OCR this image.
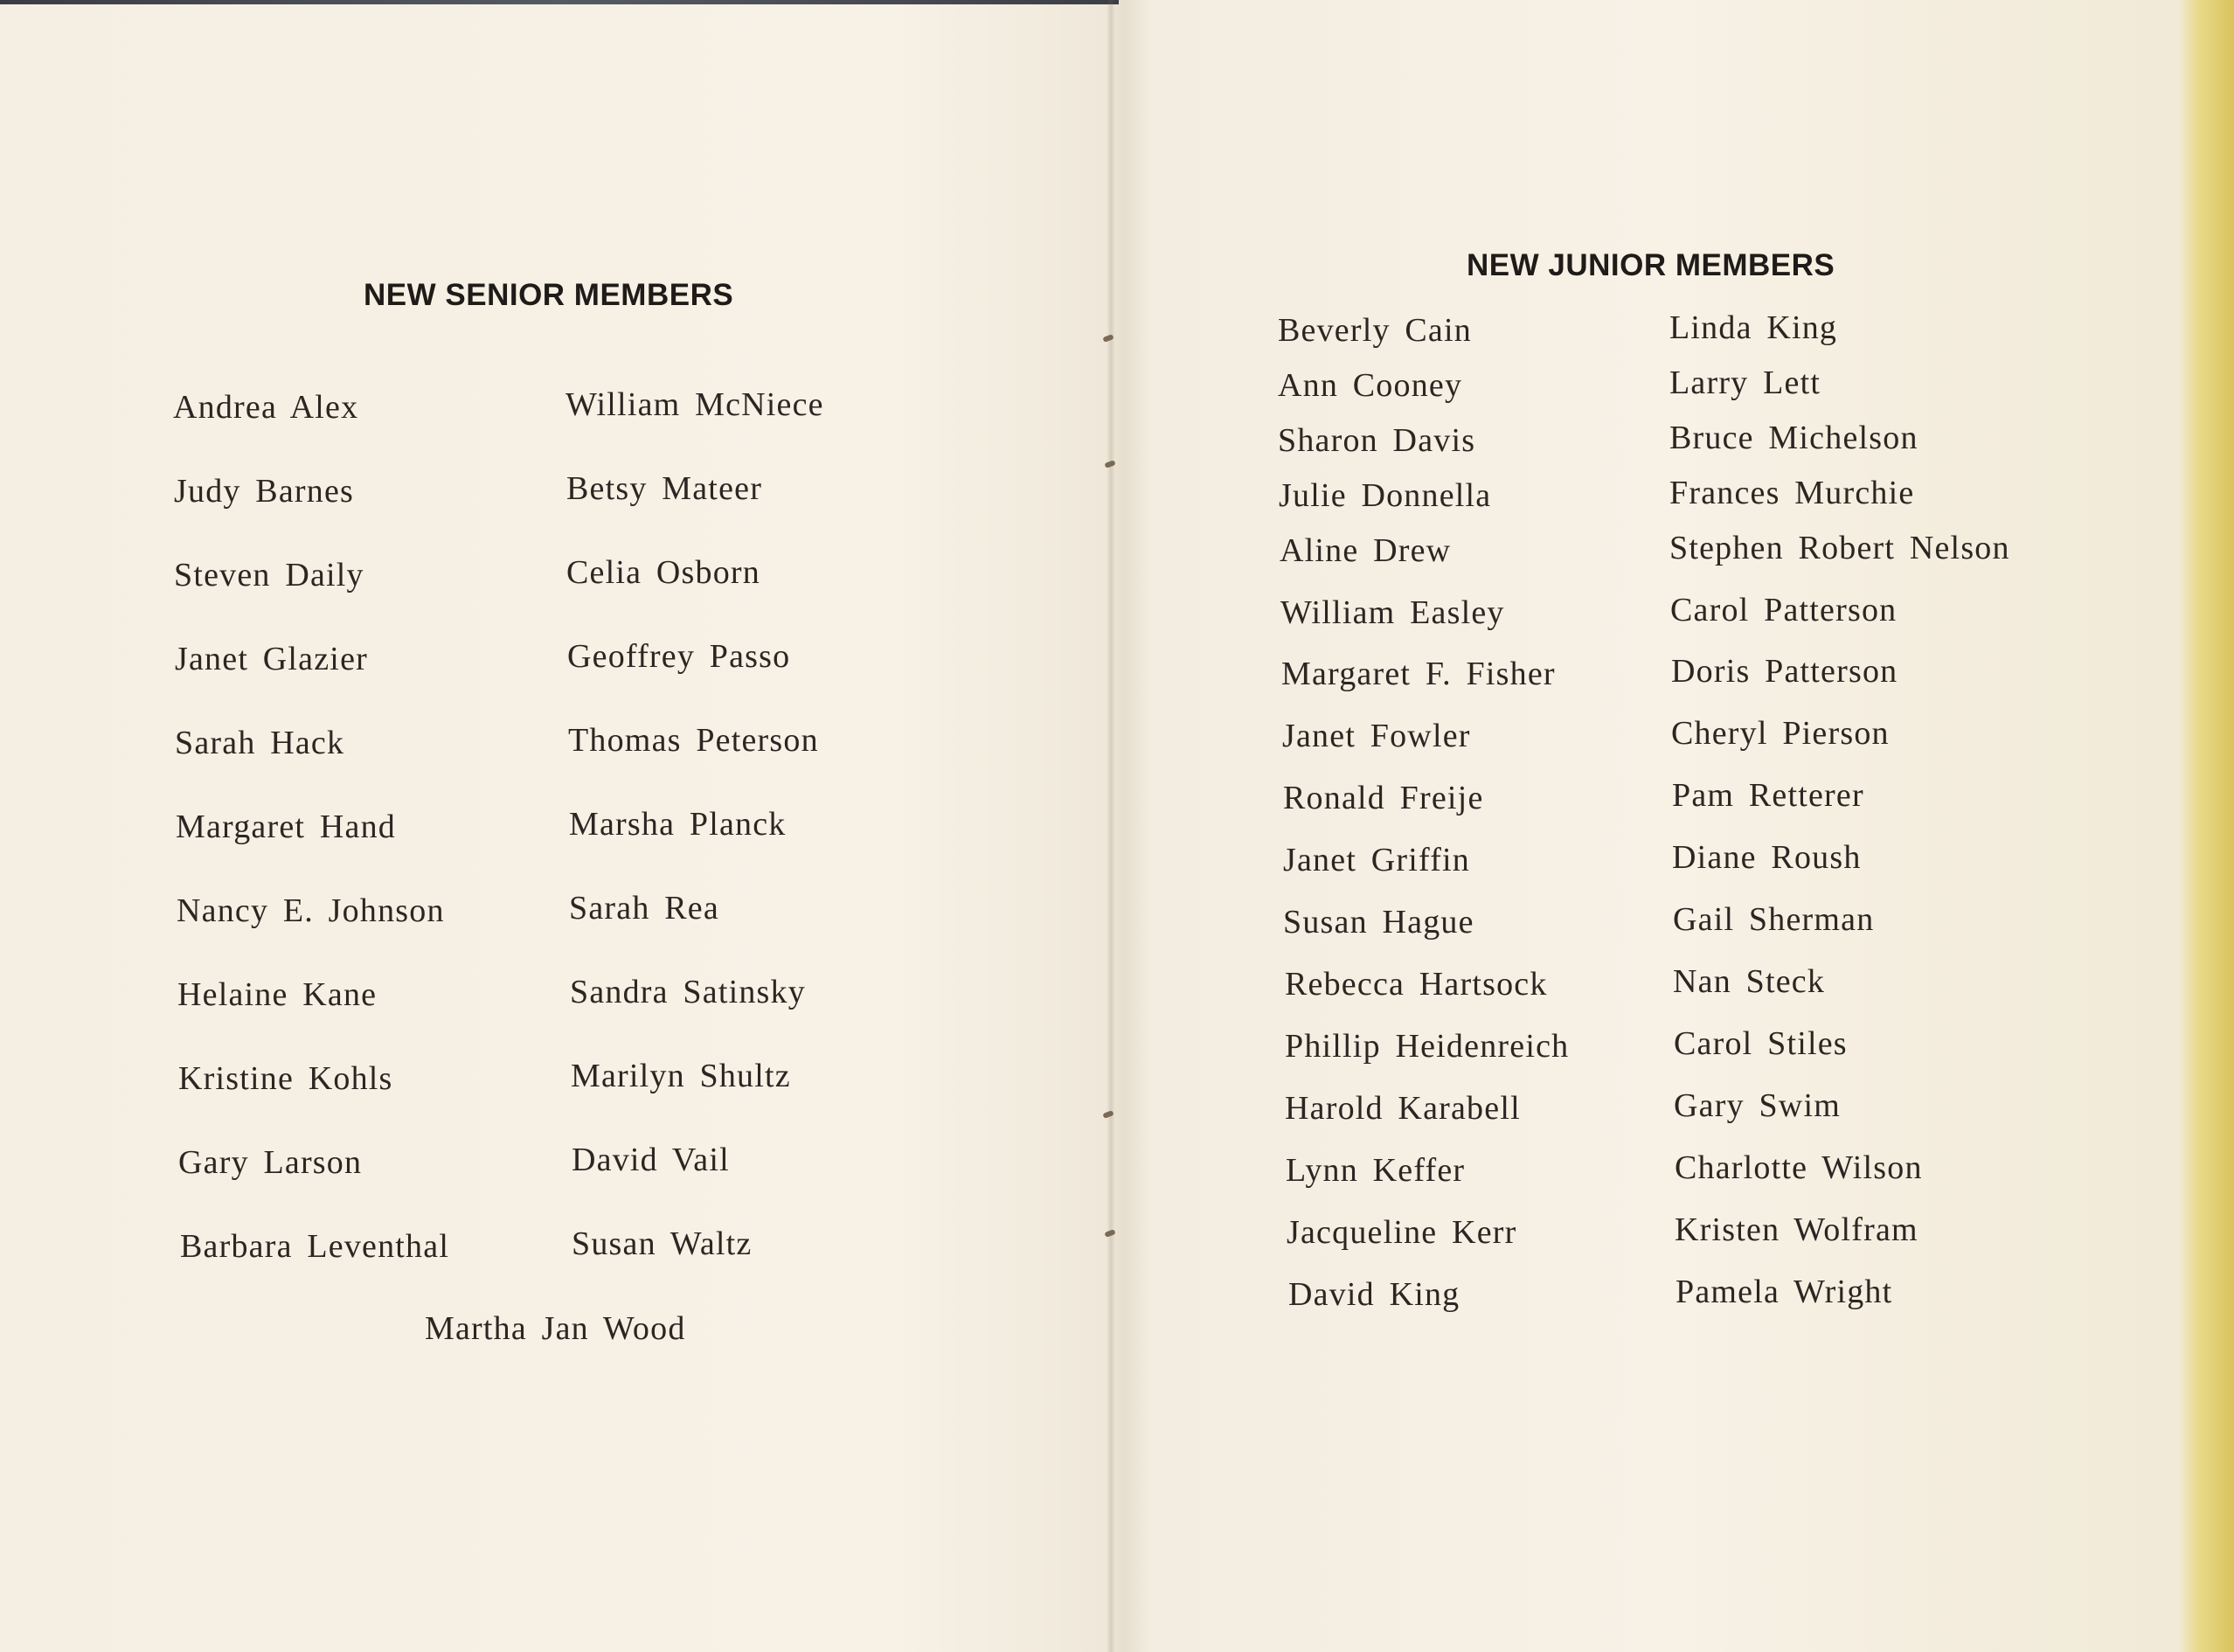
NEW SENIOR MEMBERS
Andrea Alex
Judy Barnes
Steven Daily
Janet Glazier
Sarah Hack
Margaret Hand
Nancy E. Johnson
Helaine Kane
Kristine Kohls
Gary Larson
Barbara Leventhal
William McNiece
Betsy Mateer
Celia Osborn
Geoffrey Passo
Thomas Peterson
Marsha Planck
Sarah Rea
Sandra Satinsky
Marilyn Shultz
David Vail
Susan Waltz
Martha Jan Wood
NEW JUNIOR MEMBERS
Beverly Cain
Ann Cooney
Sharon Davis
Julie Donnella
Aline Drew
William Easley
Margaret F. Fisher
Janet Fowler
Ronald Freije
Janet Griffin
Susan Hague
Rebecca Hartsock
Phillip Heidenreich
Harold Karabell
Lynn Keffer
Jacqueline Kerr
David King
Linda King
Larry Lett
Bruce Michelson
Frances Murchie
Stephen Robert Nelson
Carol Patterson
Doris Patterson
Cheryl Pierson
Pam Retterer
Diane Roush
Gail Sherman
Nan Steck
Carol Stiles
Gary Swim
Charlotte Wilson
Kristen Wolfram
Pamela Wright
